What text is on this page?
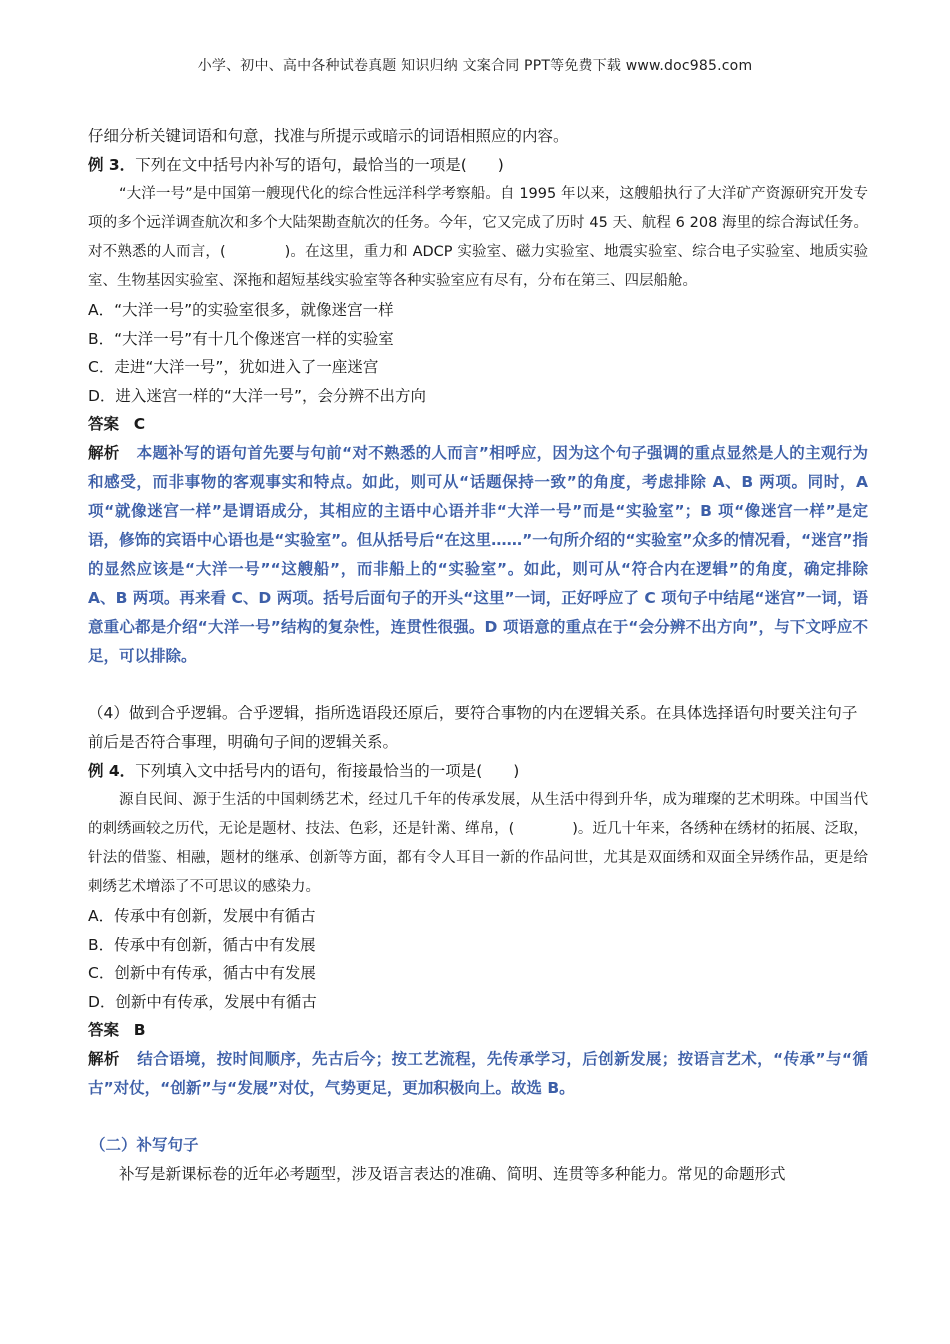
小学、初中、高中各种试卷真题 知识归纳 文案合同 PPT等免费下载 www.doc985.com

仔细分析关键词语和句意，找准与所提示或暗示的词语相照应的内容。

例 3．下列在文中括号内补写的语句，最恰当的一项是(　　)

“大洋一号”是中国第一艘现代化的综合性远洋科学考察船。自 1995 年以来，这艘船执行了大洋矿产资源研究开发专项的多个远洋调查航次和多个大陆架勘查航次的任务。今年，它又完成了历时 45 天、航程 6 208 海里的综合海试任务。对不熟悉的人而言，(　　　　)。在这里，重力和 ADCP 实验室、磁力实验室、地震实验室、综合电子实验室、地质实验室、生物基因实验室、深拖和超短基线实验室等各种实验室应有尽有，分布在第三、四层船舱。

A．“大洋一号”的实验室很多，就像迷宫一样

B．“大洋一号”有十几个像迷宫一样的实验室

C．走进“大洋一号”，犹如进入了一座迷宫

D．进入迷宫一样的“大洋一号”，会分辨不出方向

答案 C

解析 本题补写的语句首先要与句前“对不熟悉的人而言”相呼应，因为这个句子强调的重点显然是人的主观行为和感受，而非事物的客观事实和特点。如此，则可从“话题保持一致”的角度，考虑排除 A、B 两项。同时，A 项“就像迷宫一样”是谓语成分，其相应的主语中心语并非“大洋一号”而是“实验室”；B 项“像迷宫一样”是定语，修饰的宾语中心语也是“实验室”。但从括号后“在这里……”一句所介绍的“实验室”众多的情况看，“迷宫”指的显然应该是“大洋一号”“这艘船”，而非船上的“实验室”。如此，则可从“符合内在逻辑”的角度，确定排除 A、B 两项。再来看 C、D 两项。括号后面句子的开头“这里”一词，正好呼应了 C 项句子中结尾“迷宫”一词，语意重心都是介绍“大洋一号”结构的复杂性，连贯性很强。D 项语意的重点在于“会分辨不出方向”，与下文呼应不足，可以排除。

（4）做到合乎逻辑。合乎逻辑，指所选语段还原后，要符合事物的内在逻辑关系。在具体选择语句时要关注句子前后是否符合事理，明确句子间的逻辑关系。

例 4．下列填入文中括号内的语句，衔接最恰当的一项是(　　)

源自民间、源于生活的中国刺绣艺术，经过几千年的传承发展，从生活中得到升华，成为璀璨的艺术明珠。中国当代的刺绣画较之历代，无论是题材、技法、色彩，还是针黹、缂帛，(　　　　)。近几十年来，各绣种在绣材的拓展、泛取，针法的借鉴、相融，题材的继承、创新等方面，都有令人耳目一新的作品问世，尤其是双面绣和双面全异绣作品，更是给刺绣艺术增添了不可思议的感染力。

A．传承中有创新，发展中有循古

B．传承中有创新，循古中有发展

C．创新中有传承，循古中有发展

D．创新中有传承，发展中有循古

答案 B

解析 结合语境，按时间顺序，先古后今；按工艺流程，先传承学习，后创新发展；按语言艺术，“传承”与“循古”对仗，“创新”与“发展”对仗，气势更足，更加积极向上。故选 B。

（二）补写句子

补写是新课标卷的近年必考题型，涉及语言表达的准确、简明、连贯等多种能力。常见的命题形式
